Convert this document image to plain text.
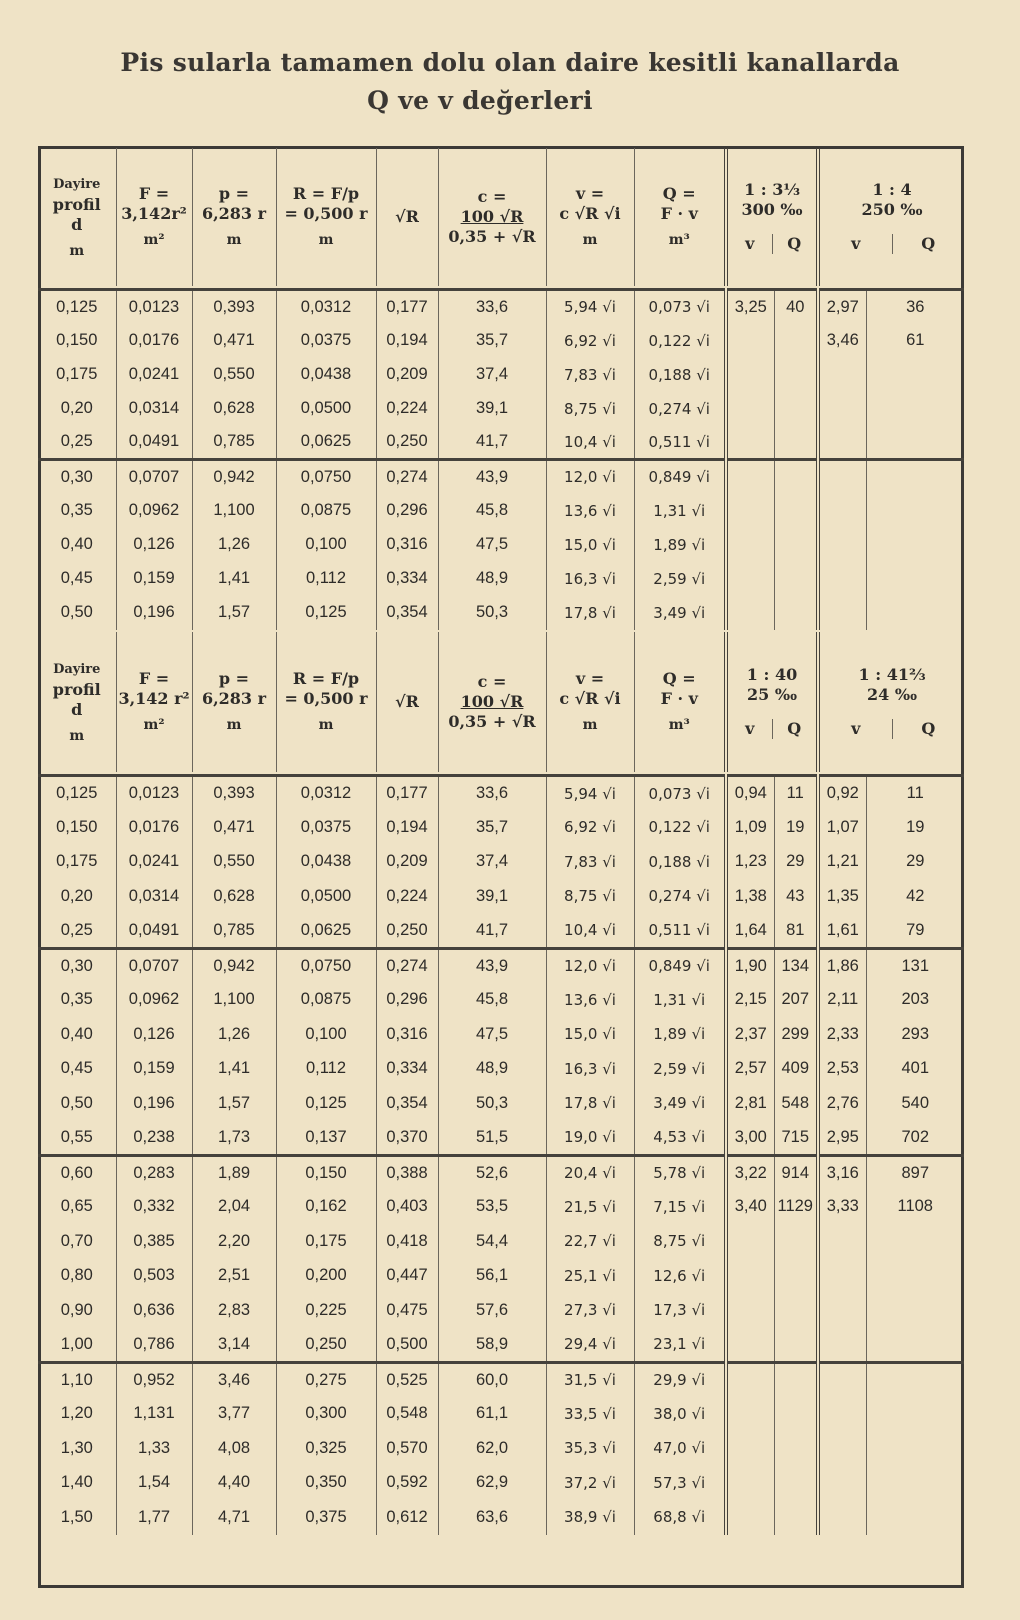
Pis sularla tamamen dolu olan daire kesitli kanallarda
Q ve v değerleri
Dayire
profil
d
m
	F =
3,142r²
m²
	p =
6,283 r
m
	R = F/p
= 0,500 r
m
	√R	c =
100 √R
0,35 + √R	v =
c √R √i
m
	Q =
F · v
m³
	1 : 3⅓
300 ‰
v	Q
	1 : 4
250 ‰
v	Q
0,125	0,0123	0,393	0,0312	0,177	33,6	5,94 √i	0,073 √i	3,25	40	2,97	36
0,150	0,0176	0,471	0,0375	0,194	35,7	6,92 √i	0,122 √i			3,46	61
0,175	0,0241	0,550	0,0438	0,209	37,4	7,83 √i	0,188 √i				
0,20	0,0314	0,628	0,0500	0,224	39,1	8,75 √i	0,274 √i				
0,25	0,0491	0,785	0,0625	0,250	41,7	10,4 √i	0,511 √i				
0,30	0,0707	0,942	0,0750	0,274	43,9	12,0 √i	0,849 √i				
0,35	0,0962	1,100	0,0875	0,296	45,8	13,6 √i	1,31 √i				
0,40	0,126	1,26	0,100	0,316	47,5	15,0 √i	1,89 √i				
0,45	0,159	1,41	0,112	0,334	48,9	16,3 √i	2,59 √i				
0,50	0,196	1,57	0,125	0,354	50,3	17,8 √i	3,49 √i				
Dayire
profil
d
m
	F =
3,142 r²
m²
	p =
6,283 r
m
	R = F/p
= 0,500 r
m
	√R	c =
100 √R
0,35 + √R	v =
c √R √i
m
	Q =
F · v
m³
	1 : 40
25 ‰
v	Q
	1 : 41⅔
24 ‰
v	Q
0,125	0,0123	0,393	0,0312	0,177	33,6	5,94 √i	0,073 √i	0,94	11	0,92	11
0,150	0,0176	0,471	0,0375	0,194	35,7	6,92 √i	0,122 √i	1,09	19	1,07	19
0,175	0,0241	0,550	0,0438	0,209	37,4	7,83 √i	0,188 √i	1,23	29	1,21	29
0,20	0,0314	0,628	0,0500	0,224	39,1	8,75 √i	0,274 √i	1,38	43	1,35	42
0,25	0,0491	0,785	0,0625	0,250	41,7	10,4 √i	0,511 √i	1,64	81	1,61	79
0,30	0,0707	0,942	0,0750	0,274	43,9	12,0 √i	0,849 √i	1,90	134	1,86	131
0,35	0,0962	1,100	0,0875	0,296	45,8	13,6 √i	1,31 √i	2,15	207	2,11	203
0,40	0,126	1,26	0,100	0,316	47,5	15,0 √i	1,89 √i	2,37	299	2,33	293
0,45	0,159	1,41	0,112	0,334	48,9	16,3 √i	2,59 √i	2,57	409	2,53	401
0,50	0,196	1,57	0,125	0,354	50,3	17,8 √i	3,49 √i	2,81	548	2,76	540
0,55	0,238	1,73	0,137	0,370	51,5	19,0 √i	4,53 √i	3,00	715	2,95	702
0,60	0,283	1,89	0,150	0,388	52,6	20,4 √i	5,78 √i	3,22	914	3,16	897
0,65	0,332	2,04	0,162	0,403	53,5	21,5 √i	7,15 √i	3,40	1129	3,33	1108
0,70	0,385	2,20	0,175	0,418	54,4	22,7 √i	8,75 √i				
0,80	0,503	2,51	0,200	0,447	56,1	25,1 √i	12,6 √i				
0,90	0,636	2,83	0,225	0,475	57,6	27,3 √i	17,3 √i				
1,00	0,786	3,14	0,250	0,500	58,9	29,4 √i	23,1 √i				
1,10	0,952	3,46	0,275	0,525	60,0	31,5 √i	29,9 √i				
1,20	1,131	3,77	0,300	0,548	61,1	33,5 √i	38,0 √i				
1,30	1,33	4,08	0,325	0,570	62,0	35,3 √i	47,0 √i				
1,40	1,54	4,40	0,350	0,592	62,9	37,2 √i	57,3 √i				
1,50	1,77	4,71	0,375	0,612	63,6	38,9 √i	68,8 √i				
